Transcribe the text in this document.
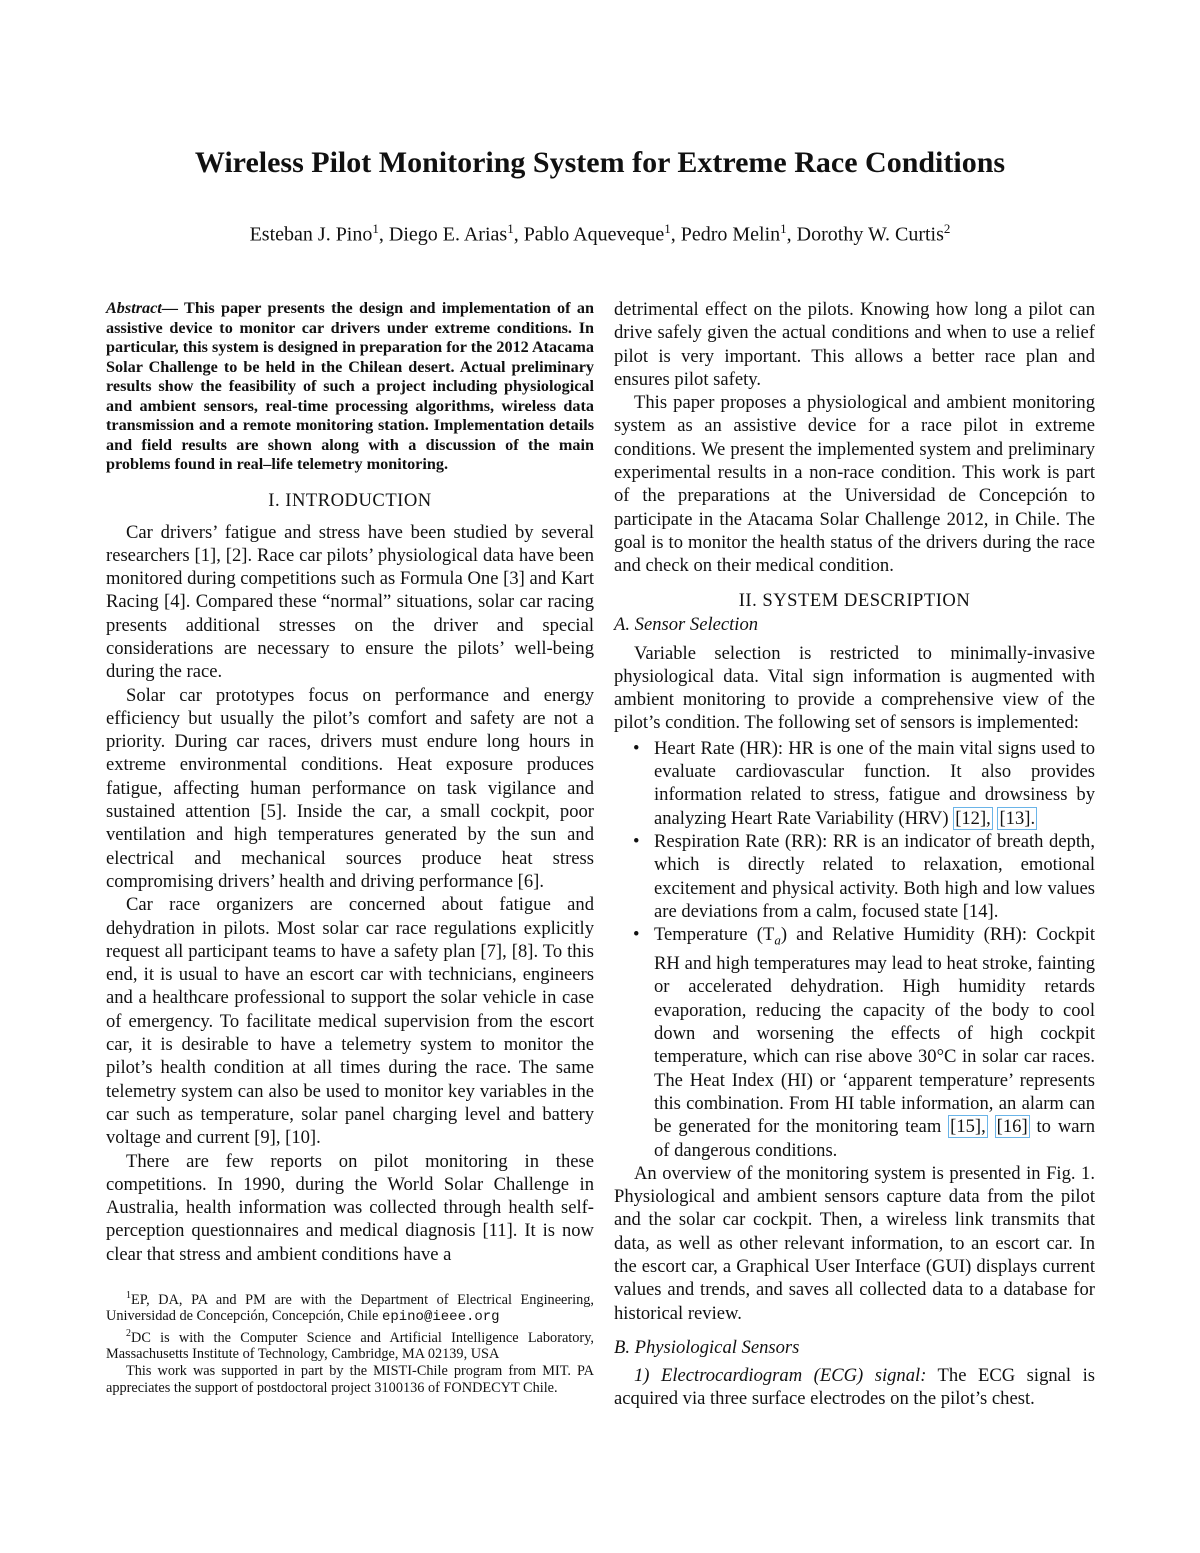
Wireless Pilot Monitoring System for Extreme Race Conditions
Esteban J. Pino$^1$, Diego E. Arias$^1$, Pablo Aqueveque$^1$, Pedro Melin$^1$, Dorothy W. Curtis$^2$
Abstract— This paper presents the design and implementation of an assistive device to monitor car drivers under extreme conditions. In particular, this system is designed in preparation for the 2012 Atacama Solar Challenge to be held in the Chilean desert. Actual preliminary results show the feasibility of such a project including physiological and ambient sensors, real-time processing algorithms, wireless data transmission and a remote monitoring station. Implementation details and field results are shown along with a discussion of the main problems found in real–life telemetry monitoring.
I. INTRODUCTION

Car drivers’ fatigue and stress have been studied by several researchers [1], [2]. Race car pilots’ physiological data have been monitored during competitions such as Formula One [3] and Kart Racing [4]. Compared these “normal” situations, solar car racing presents additional stresses on the driver and special considerations are necessary to ensure the pilots’ well-being during the race.

Solar car prototypes focus on performance and energy efficiency but usually the pilot’s comfort and safety are not a priority. During car races, drivers must endure long hours in extreme environmental conditions. Heat exposure produces fatigue, affecting human performance on task vigilance and sustained attention [5]. Inside the car, a small cockpit, poor ventilation and high temperatures generated by the sun and electrical and mechanical sources produce heat stress compromising drivers’ health and driving performance [6].

Car race organizers are concerned about fatigue and dehydration in pilots. Most solar car race regulations explicitly request all participant teams to have a safety plan [7], [8]. To this end, it is usual to have an escort car with technicians, engineers and a healthcare professional to support the solar vehicle in case of emergency. To facilitate medical supervision from the escort car, it is desirable to have a telemetry system to monitor the pilot’s health condition at all times during the race. The same telemetry system can also be used to monitor key variables in the car such as temperature, solar panel charging level and battery voltage and current [9], [10].

There are few reports on pilot monitoring in these competitions. In 1990, during the World Solar Challenge in Australia, health information was collected through health self-perception questionnaires and medical diagnosis [11]. It is now clear that stress and ambient conditions have a

$^1$EP, DA, PA and PM are with the Department of Electrical Engineering, Universidad de Concepción, Concepción, Chile epino@ieee.org

$^2$DC is with the Computer Science and Artificial Intelligence Laboratory, Massachusetts Institute of Technology, Cambridge, MA 02139, USA

This work was supported in part by the MISTI-Chile program from MIT. PA appreciates the support of postdoctoral project 3100136 of FONDECYT Chile.

detrimental effect on the pilots. Knowing how long a pilot can drive safely given the actual conditions and when to use a relief pilot is very important. This allows a better race plan and ensures pilot safety.

This paper proposes a physiological and ambient monitoring system as an assistive device for a race pilot in extreme conditions. We present the implemented system and preliminary experimental results in a non-race condition. This work is part of the preparations at the Universidad de Concepción to participate in the Atacama Solar Challenge 2012, in Chile. The goal is to monitor the health status of the drivers during the race and check on their medical condition.

II. SYSTEM DESCRIPTION
A. Sensor Selection

Variable selection is restricted to minimally-invasive physiological data. Vital sign information is augmented with ambient monitoring to provide a comprehensive view of the pilot’s condition. The following set of sensors is implemented:

• Heart Rate (HR): HR is one of the main vital signs used to evaluate cardiovascular function. It also provides information related to stress, fatigue and drowsiness by analyzing Heart Rate Variability (HRV) [12], [13].
• Respiration Rate (RR): RR is an indicator of breath depth, which is directly related to relaxation, emotional excitement and physical activity. Both high and low values are deviations from a calm, focused state [14].
• Temperature $(T_a)$ and Relative Humidity (RH): Cockpit RH and high temperatures may lead to heat stroke, fainting or accelerated dehydration. High humidity retards evaporation, reducing the capacity of the body to cool down and worsening the effects of high cockpit temperature, which can rise above 30°C in solar car races. The Heat Index (HI) or ‘apparent temperature’ represents this combination. From HI table information, an alarm can be generated for the monitoring team [15], [16] to warn of dangerous conditions.

An overview of the monitoring system is presented in Fig. 1. Physiological and ambient sensors capture data from the pilot and the solar car cockpit. Then, a wireless link transmits that data, as well as other relevant information, to an escort car. In the escort car, a Graphical User Interface (GUI) displays current values and trends, and saves all collected data to a database for historical review.

B. Physiological Sensors

1) Electrocardiogram (ECG) signal: The ECG signal is acquired via three surface electrodes on the pilot’s chest.
